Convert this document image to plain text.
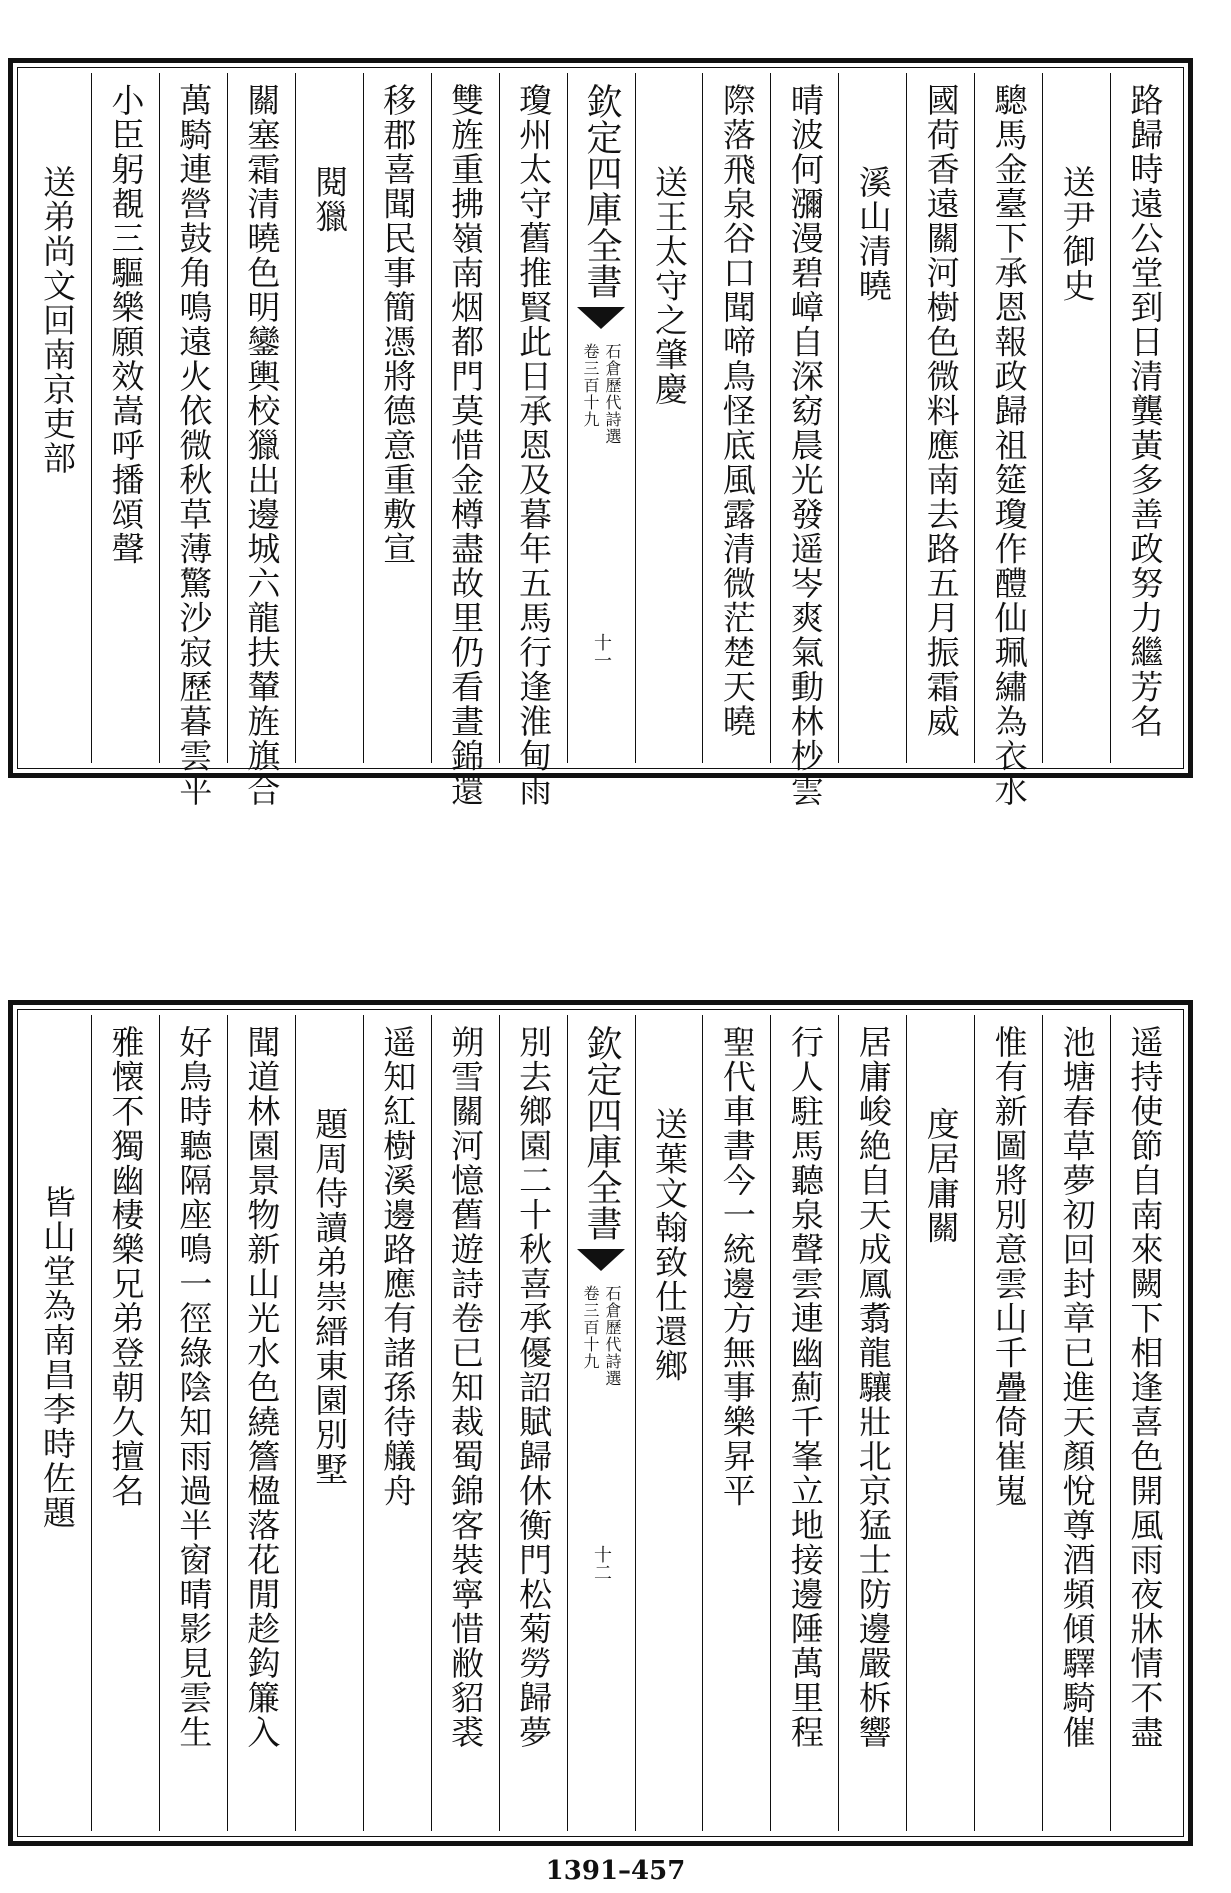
路歸時遠公堂到日清龔黃多善政努力繼芳名
送尹御史
驄馬金臺下承恩報政歸祖筵瓊作醴仙珮繡為衣水
國荷香遠關河樹色微料應南去路五月振霜威
溪山清曉
晴波何瀰漫碧嶂自深窈晨光發遥岑爽氣動林杪雲
際落飛泉谷口聞啼鳥怪底風露清微茫楚天曉
送王太守之肇慶
欽定四庫全書
石倉歷代詩選
卷三百十九
十一
瓊州太守舊推賢此日承恩及暮年五馬行逢淮甸雨
雙旌重拂嶺南烟都門莫惜金樽盡故里仍看晝錦還
移郡喜聞民事簡憑將德意重敷宣
閱獵
關塞霜清曉色明鑾輿校獵出邊城六龍扶輦旌旗合
萬騎連營鼓角鳴遠火依微秋草薄驚沙寂歷暮雲平
小臣躬覩三驅樂願效嵩呼播頌聲
送弟尚文回南京吏部
遥持使節自南來闕下相逢喜色開風雨夜牀情不盡
池塘春草夢初回封章已進天顏悅尊酒頻傾驛騎催
惟有新圖將別意雲山千疊倚崔嵬
度居庸關
居庸峻絶自天成鳳翥龍驤壯北京猛士防邊嚴柝響
行人駐馬聽泉聲雲連幽薊千峯立地接邊陲萬里程
聖代車書今一統邊方無事樂昇平
送葉文翰致仕還鄉
欽定四庫全書
石倉歷代詩選
卷三百十九
十二
別去鄉園二十秋喜承優詔賦歸休衡門松菊勞歸夢
朔雪關河憶舊遊詩卷已知裁蜀錦客裝寧惜敝貂裘
遥知紅樹溪邊路應有諸孫待艤舟
題周侍讀弟崇縉東園別墅
聞道林園景物新山光水色繞簷楹落花閒趁鈎簾入
好鳥時聽隔座鳴一徑綠陰知雨過半窗晴影見雲生
雅懐不獨幽棲樂兄弟登朝久擅名
皆山堂為南昌李時佐題
1391–457
